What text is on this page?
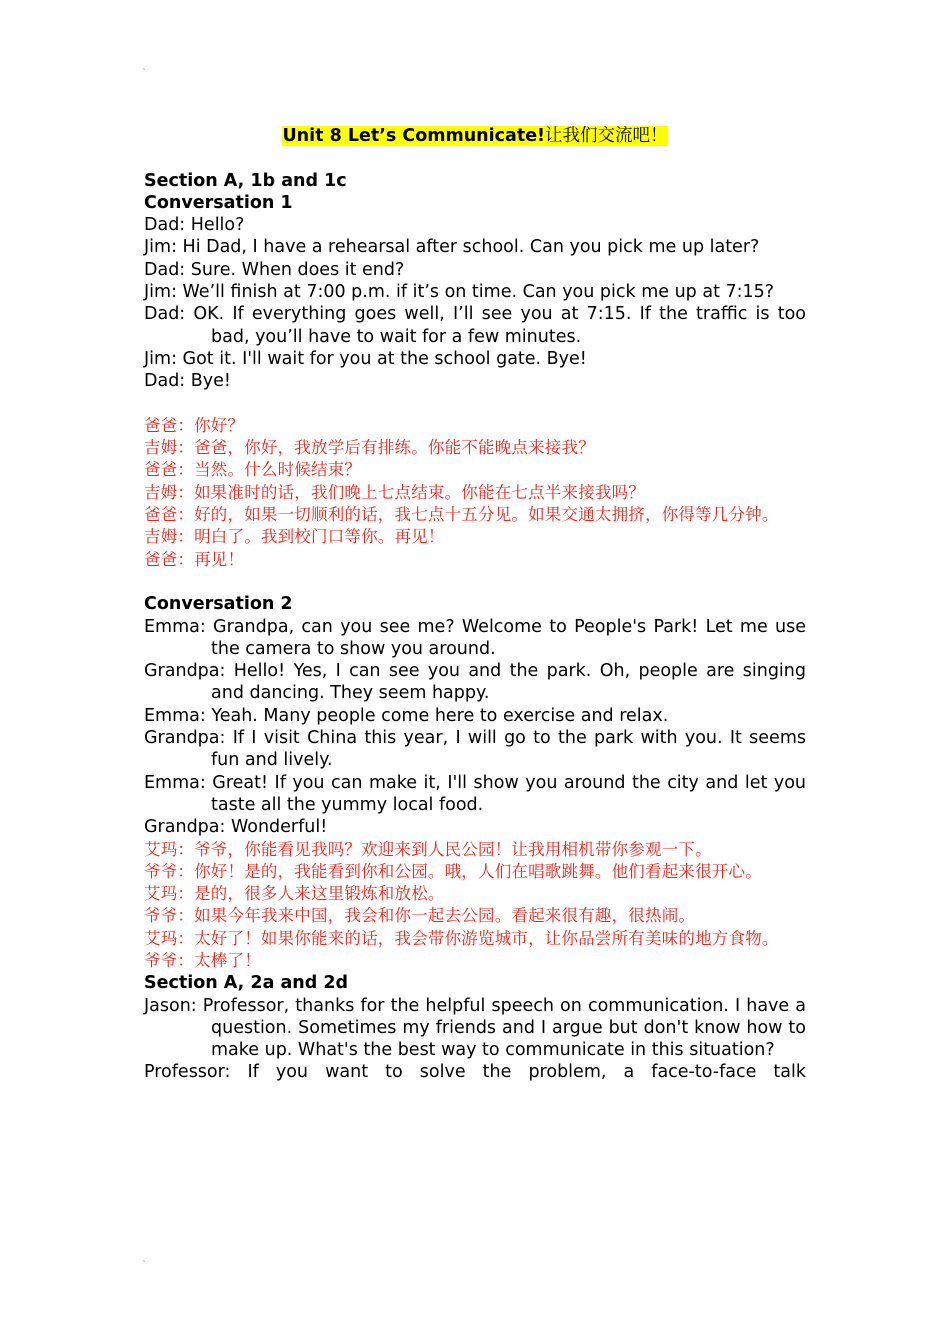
˛
Unit 8 Let’s Communicate!让我们交流吧！
Section A, 1b and 1c
Conversation 1

Dad: Hello?

Jim: Hi Dad, I have a rehearsal after school. Can you pick me up later?

Dad: Sure. When does it end?

Jim: We’ll finish at 7:00 p.m. if it’s on time. Can you pick me up at 7:15?

Dad: OK. If everything goes well, I’ll see you at 7:15. If the traffic is too bad, you’ll have to wait for a few minutes.

Jim: Got it. I'll wait for you at the school gate. Bye!

Dad: Bye!

爸爸：你好？

吉姆：爸爸，你好，我放学后有排练。你能不能晚点来接我？

爸爸：当然。什么时候结束？

吉姆：如果准时的话，我们晚上七点结束。你能在七点半来接我吗？

爸爸：好的，如果一切顺利的话，我七点十五分见。如果交通太拥挤，你得等几分钟。

吉姆：明白了。我到校门口等你。再见！

爸爸：再见！

Conversation 2

Emma: Grandpa, can you see me? Welcome to People's Park! Let me use the camera to show you around.

Grandpa: Hello! Yes, I can see you and the park. Oh, people are singing and dancing. They seem happy.

Emma: Yeah. Many people come here to exercise and relax.

Grandpa: If I visit China this year, I will go to the park with you. It seems fun and lively.

Emma: Great! If you can make it, I'll show you around the city and let you taste all the yummy local food.

Grandpa: Wonderful!

艾玛：爷爷，你能看见我吗？欢迎来到人民公园！让我用相机带你参观一下。

爷爷：你好！是的，我能看到你和公园。哦，人们在唱歌跳舞。他们看起来很开心。

艾玛：是的，很多人来这里锻炼和放松。

爷爷：如果今年我来中国，我会和你一起去公园。看起来很有趣，很热闹。

艾玛：太好了！如果你能来的话，我会带你游览城市，让你品尝所有美味的地方食物。

爷爷：太棒了！

Section A, 2a and 2d

Jason: Professor, thanks for the helpful speech on communication. I have a question. Sometimes my friends and I argue but don't know how to make up. What's the best way to communicate in this situation?

Professor: If you want to solve the problem, a face-to-face talk

˛
